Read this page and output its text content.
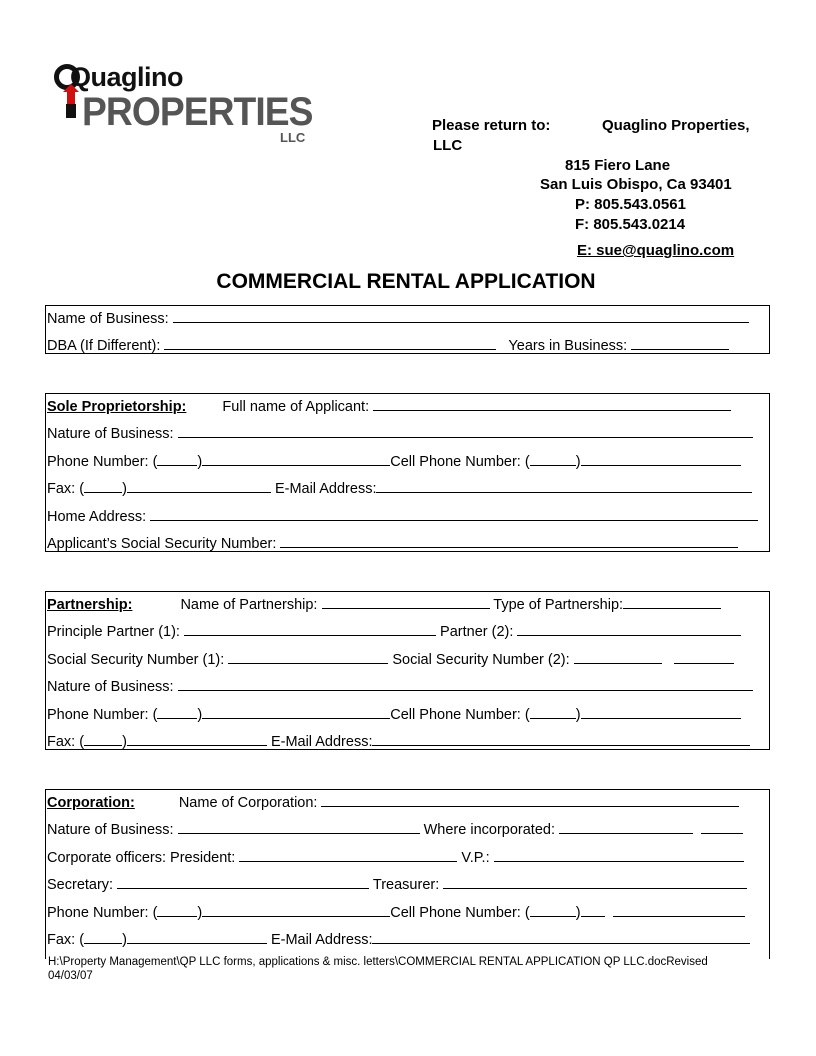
Quaglino
PROPERTIES
LLC
Please return to:	Quaglino Properties,
LLC
815 Fiero Lane
San Luis Obispo, Ca 93401
P: 805.543.0561
F: 805.543.0214
E: sue@quaglino.com
COMMERCIAL RENTAL APPLICATION
Name of Business:
DBA (If Different):	Years in Business:
Sole Proprietorship: Full name of Applicant:
Nature of Business:
Phone Number: (	)	Cell Phone Number: (	)
Fax: (	)	E-Mail Address:
Home Address:
Applicant’s Social Security Number:
Partnership:	Name of Partnership:	Type of Partnership:
Principle Partner (1):	Partner (2):
Social Security Number (1):	Social Security Number (2):
Nature of Business:
Phone Number: (	)	Cell Phone Number: (	)
Fax: (	)	E-Mail Address:
Corporation:	Name of Corporation:
Nature of Business:	Where incorporated:
Corporate officers: President:	V.P.:
Secretary:	Treasurer:
Phone Number: (	)	Cell Phone Number: (	)
Fax: (	)	E-Mail Address:
H:\Property Management\QP LLC forms, applications & misc. letters\COMMERCIAL RENTAL APPLICATION QP LLC.docRevised
04/03/07
